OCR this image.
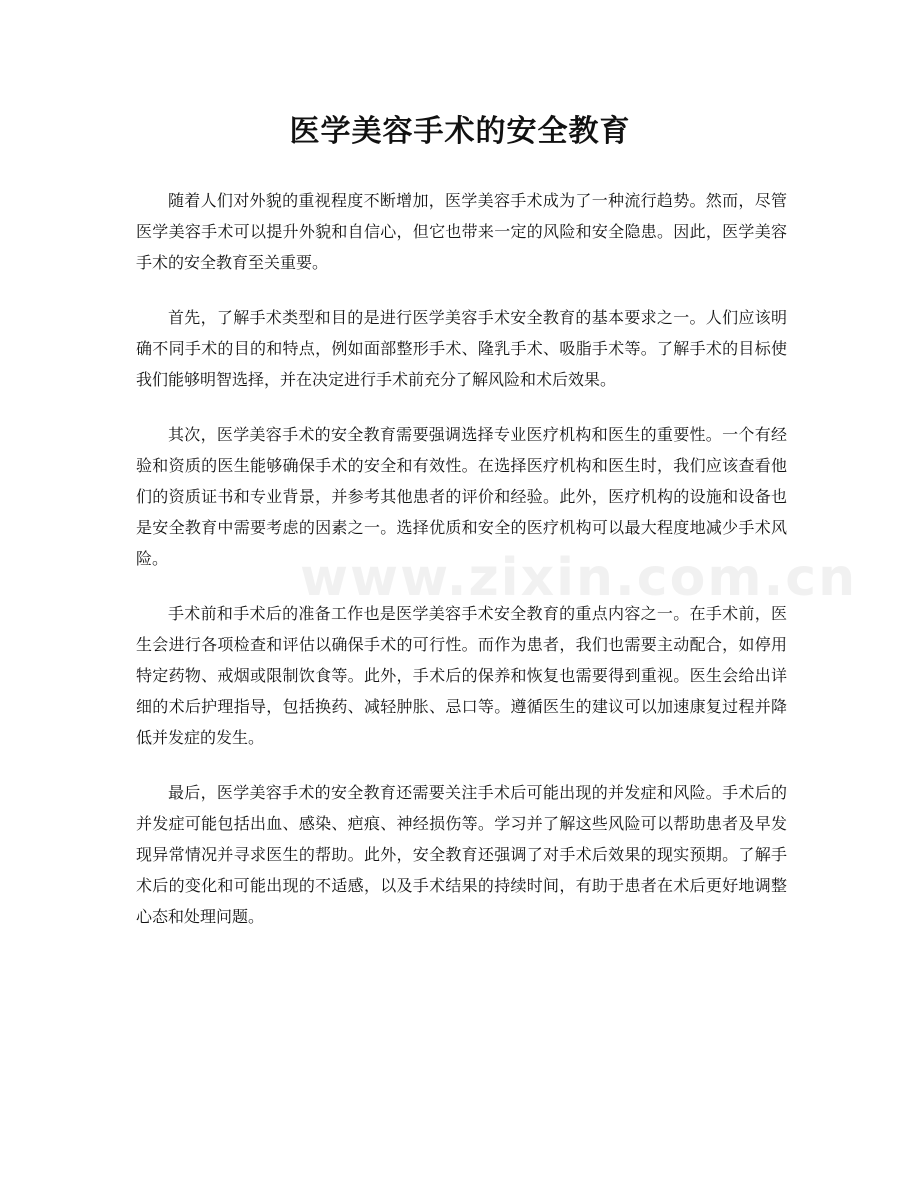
医学美容手术的安全教育

随着人们对外貌的重视程度不断增加，医学美容手术成为了一种流行趋势。然而，尽管医学美容手术可以提升外貌和自信心，但它也带来一定的风险和安全隐患。因此，医学美容手术的安全教育至关重要。

首先，了解手术类型和目的是进行医学美容手术安全教育的基本要求之一。人们应该明确不同手术的目的和特点，例如面部整形手术、隆乳手术、吸脂手术等。了解手术的目标使我们能够明智选择，并在决定进行手术前充分了解风险和术后效果。

其次，医学美容手术的安全教育需要强调选择专业医疗机构和医生的重要性。一个有经验和资质的医生能够确保手术的安全和有效性。在选择医疗机构和医生时，我们应该查看他们的资质证书和专业背景，并参考其他患者的评价和经验。此外，医疗机构的设施和设备也是安全教育中需要考虑的因素之一。选择优质和安全的医疗机构可以最大程度地减少手术风险。

手术前和手术后的准备工作也是医学美容手术安全教育的重点内容之一。在手术前，医生会进行各项检查和评估以确保手术的可行性。而作为患者，我们也需要主动配合，如停用特定药物、戒烟或限制饮食等。此外，手术后的保养和恢复也需要得到重视。医生会给出详细的术后护理指导，包括换药、减轻肿胀、忌口等。遵循医生的建议可以加速康复过程并降低并发症的发生。

最后，医学美容手术的安全教育还需要关注手术后可能出现的并发症和风险。手术后的并发症可能包括出血、感染、疤痕、神经损伤等。学习并了解这些风险可以帮助患者及早发现异常情况并寻求医生的帮助。此外，安全教育还强调了对手术后效果的现实预期。了解手术后的变化和可能出现的不适感，以及手术结果的持续时间，有助于患者在术后更好地调整心态和处理问题。

www.zixin.com.cn
